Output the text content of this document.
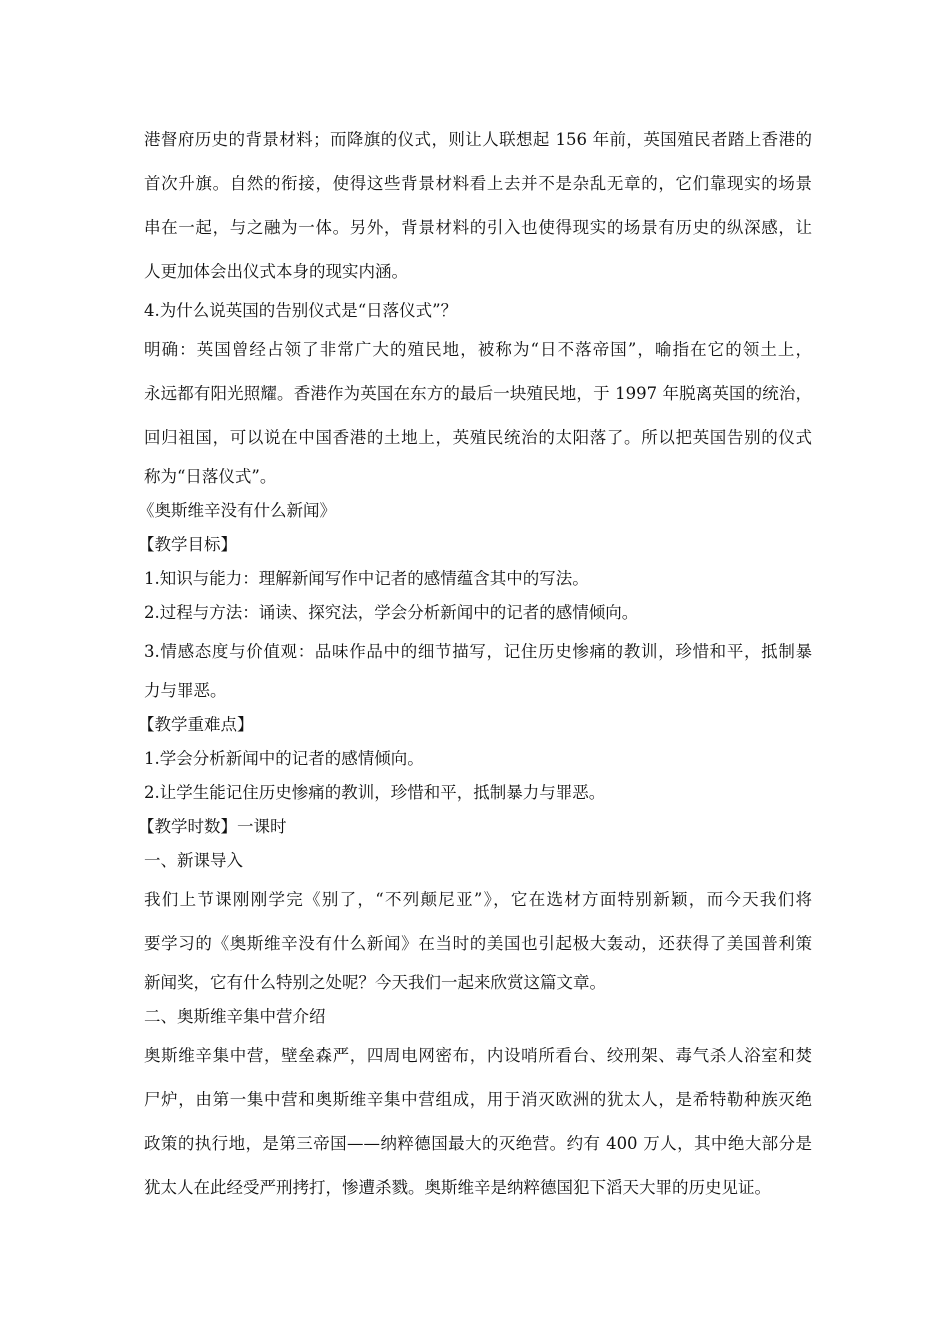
港督府历史的背景材料；而降旗的仪式，则让人联想起 156 年前，英国殖民者踏上香港的
首次升旗。自然的衔接，使得这些背景材料看上去并不是杂乱无章的，它们靠现实的场景
串在一起，与之融为一体。另外，背景材料的引入也使得现实的场景有历史的纵深感，让
人更加体会出仪式本身的现实内涵。
4.为什么说英国的告别仪式是“日落仪式”？
明确：英国曾经占领了非常广大的殖民地，被称为“日不落帝国”，喻指在它的领土上，
永远都有阳光照耀。香港作为英国在东方的最后一块殖民地，于 1997 年脱离英国的统治，
回归祖国，可以说在中国香港的土地上，英殖民统治的太阳落了。所以把英国告别的仪式
称为“日落仪式”。
《奥斯维辛没有什么新闻》
【教学目标】
1.知识与能力：理解新闻写作中记者的感情蕴含其中的写法。
2.过程与方法：诵读、探究法，学会分析新闻中的记者的感情倾向。
3.情感态度与价值观：品味作品中的细节描写，记住历史惨痛的教训，珍惜和平，抵制暴
力与罪恶。
【教学重难点】
1.学会分析新闻中的记者的感情倾向。
2.让学生能记住历史惨痛的教训，珍惜和平，抵制暴力与罪恶。
【教学时数】一课时
一、新课导入
我们上节课刚刚学完《别了，“不列颠尼亚”》，它在选材方面特别新颖，而今天我们将
要学习的《奥斯维辛没有什么新闻》在当时的美国也引起极大轰动，还获得了美国普利策
新闻奖，它有什么特别之处呢？今天我们一起来欣赏这篇文章。
二、奥斯维辛集中营介绍
奥斯维辛集中营，壁垒森严，四周电网密布，内设哨所看台、绞刑架、毒气杀人浴室和焚
尸炉，由第一集中营和奥斯维辛集中营组成，用于消灭欧洲的犹太人，是希特勒种族灭绝
政策的执行地，是第三帝国——纳粹德国最大的灭绝营。约有 400 万人，其中绝大部分是
犹太人在此经受严刑拷打，惨遭杀戮。奥斯维辛是纳粹德国犯下滔天大罪的历史见证。
